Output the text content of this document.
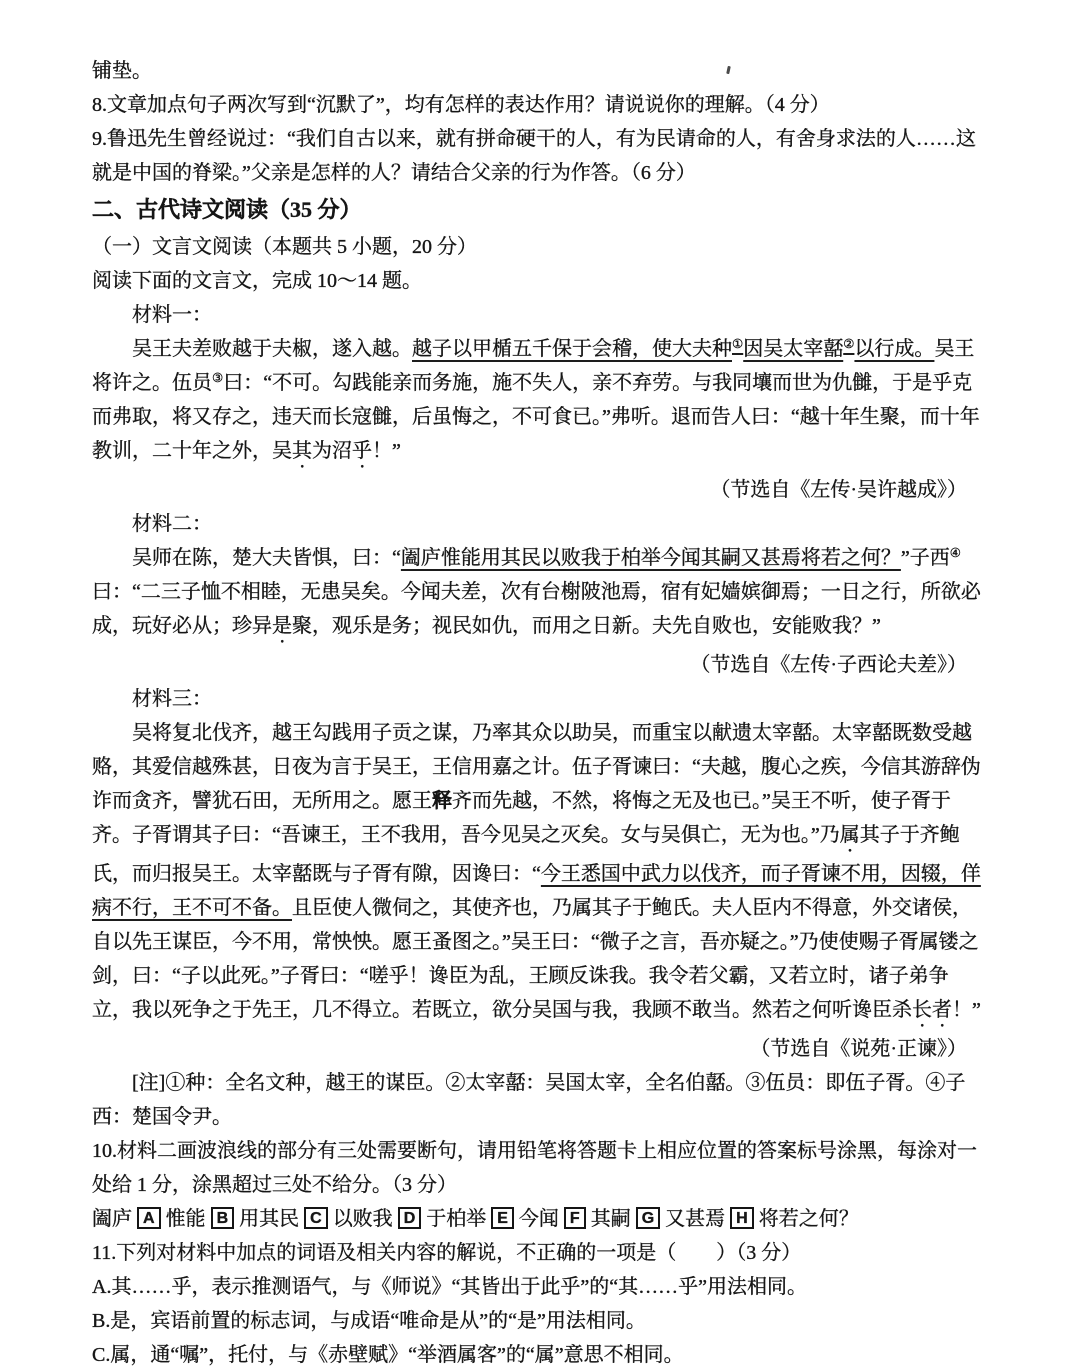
铺垫。

8.文章加点句子两次写到“沉默了”，均有怎样的表达作用？请说说你的理解。（4 分）

9.鲁迅先生曾经说过：“我们自古以来，就有拼命硬干的人，有为民请命的人，有舍身求法的人……这就是中国的脊梁。”父亲是怎样的人？请结合父亲的行为作答。（6 分）

二、古代诗文阅读（35 分）

（一）文言文阅读（本题共 5 小题，20 分）

阅读下面的文言文，完成 10～14 题。

材料一：

吴王夫差败越于夫椒，遂入越。越子以甲楯五千保于会稽，使大夫种①因吴太宰嚭②以行成。吴王将许之。伍员③曰：“不可。勾践能亲而务施，施不失人，亲不弃劳。与我同壤而世为仇雠，于是乎克而弗取，将又存之，违天而长寇雠，后虽悔之，不可食已。”弗听。退而告人曰：“越十年生聚，而十年教训，二十年之外，吴其为沼乎！”

（节选自《左传·吴许越成》）

材料二：

吴师在陈，楚大夫皆惧，曰：“阖庐惟能用其民以败我于柏举今闻其嗣又甚焉将若之何？”子西④曰：“二三子恤不相睦，无患吴矣。今闻夫差，次有台榭陂池焉，宿有妃嫱嫔御焉；一日之行，所欲必成，玩好必从；珍异是聚，观乐是务；视民如仇，而用之日新。夫先自败也，安能败我？”

（节选自《左传·子西论夫差》）

材料三：

吴将复北伐齐，越王勾践用子贡之谋，乃率其众以助吴，而重宝以献遗太宰嚭。太宰嚭既数受越赂，其爱信越殊甚，日夜为言于吴王，王信用嘉之计。伍子胥谏曰：“夫越，腹心之疾，今信其游辞伪诈而贪齐，譬犹石田，无所用之。愿王释齐而先越，不然，将悔之无及也已。”吴王不听，使子胥于齐。子胥谓其子曰：“吾谏王，王不我用，吾今见吴之灭矣。女与吴俱亡，无为也。”乃属其子于齐鲍氏，而归报吴王。太宰嚭既与子胥有隙，因谗曰：“今王悉国中武力以伐齐，而子胥谏不用，因辍，佯病不行，王不可不备。且臣使人微伺之，其使齐也，乃属其子于鲍氏。夫人臣内不得意，外交诸侯，自以先王谋臣，今不用，常怏怏。愿王蚤图之。”吴王曰：“微子之言，吾亦疑之。”乃使使赐子胥属镂之剑，曰：“子以此死。”子胥曰：“嗟乎！谗臣为乱，王顾反诛我。我令若父霸，又若立时，诸子弟争立，我以死争之于先王，几不得立。若既立，欲分吴国与我，我顾不敢当。然若之何听谗臣杀长者！”

（节选自《说苑·正谏》）

[注]①种：全名文种，越王的谋臣。②太宰嚭：吴国太宰，全名伯嚭。③伍员：即伍子胥。④子西：楚国令尹。

10.材料二画波浪线的部分有三处需要断句，请用铅笔将答题卡上相应位置的答案标号涂黑，每涂对一处给 1 分，涂黑超过三处不给分。（3 分）

阖庐 A 惟能 B 用其民 C 以败我 D 于柏举 E 今闻 F 其嗣 G 又甚焉 H 将若之何？

11.下列对材料中加点的词语及相关内容的解说，不正确的一项是（　　）（3 分）

A.其……乎，表示推测语气，与《师说》“其皆出于此乎”的“其……乎”用法相同。

B.是，宾语前置的标志词，与成语“唯命是从”的“是”用法相同。

C.属，通“嘱”，托付，与《赤壁赋》“举酒属客”的“属”意思不相同。
